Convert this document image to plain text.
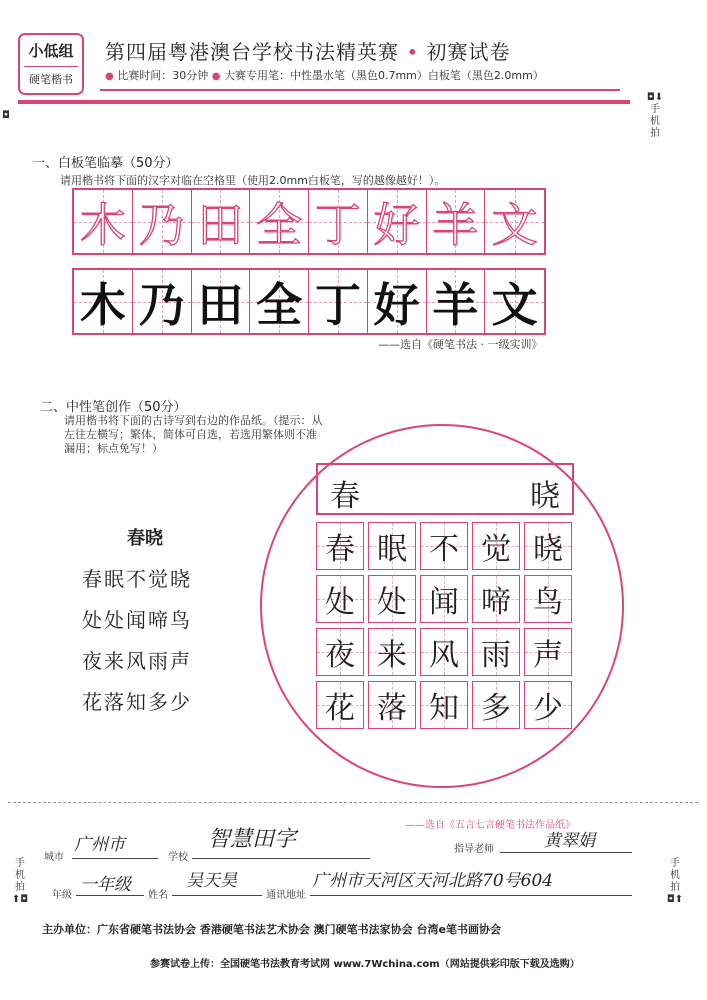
小低组
硬笔楷书
第四届粤港澳台学校书法精英赛 • 初赛试卷
● 比赛时间：30分钟 ● 大赛专用笔：中性墨水笔（黑色0.7mm）白板笔（黑色2.0mm）
◘
◘⬇
手
机
拍
一、白板笔临摹（50分）
请用楷书将下面的汉字对临在空格里（使用2.0mm白板笔，写的越像越好！）。
木 乃 田 全 丁 好 羊 文
木 乃 田 全 丁 好 羊 文
——选自《硬笔书法 · 一级实训》
二、中性笔创作（50分）
请用楷书将下面的古诗写到右边的作品纸。（提示：从左往左横写；繁体、简体可自选，若选用繁体则不准漏用；标点免写！）
春晓
春眠不觉晓
处处闻啼鸟
夜来风雨声
花落知多少
春	晓
春 眠 不 觉 晓
处 处 闻 啼 鸟
夜 来 风 雨 声
花 落 知 多 少
——选自《五言七言硬笔书法作品纸》
城市
广州市
学校
智慧田字	指导老师	黄翠娟
年级
一年级
姓名
吴天昊
通讯地址
广州市天河区天河北路70号604
手
机
拍
⬆◘
手
机
拍
◘⬆
主办单位：广东省硬笔书法协会 香港硬笔书法艺术协会 澳门硬笔书法家协会 台湾e笔书画协会
参赛试卷上传：全国硬笔书法教育考试网 www.7Wchina.com（网站提供彩印版下载及选购）
